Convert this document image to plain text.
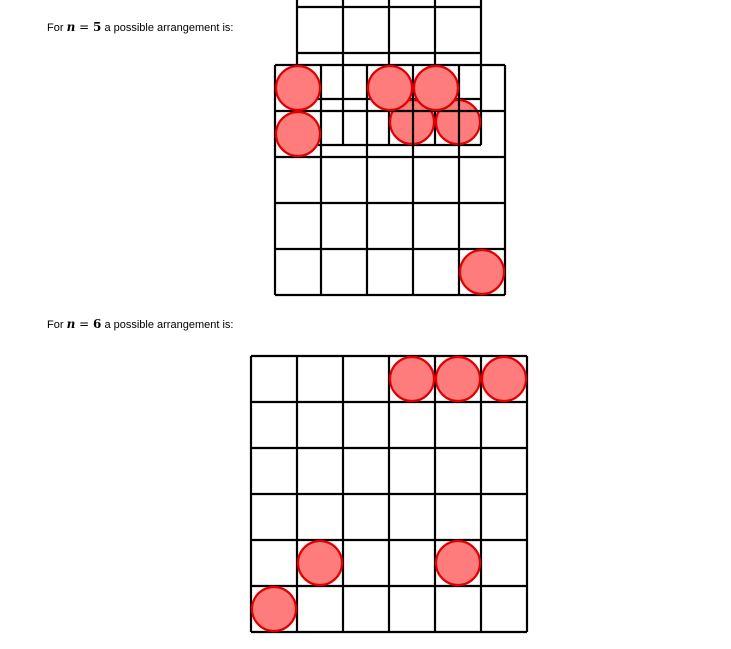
For n = 5 a possible arrangement is:
For n = 6 a possible arrangement is:
